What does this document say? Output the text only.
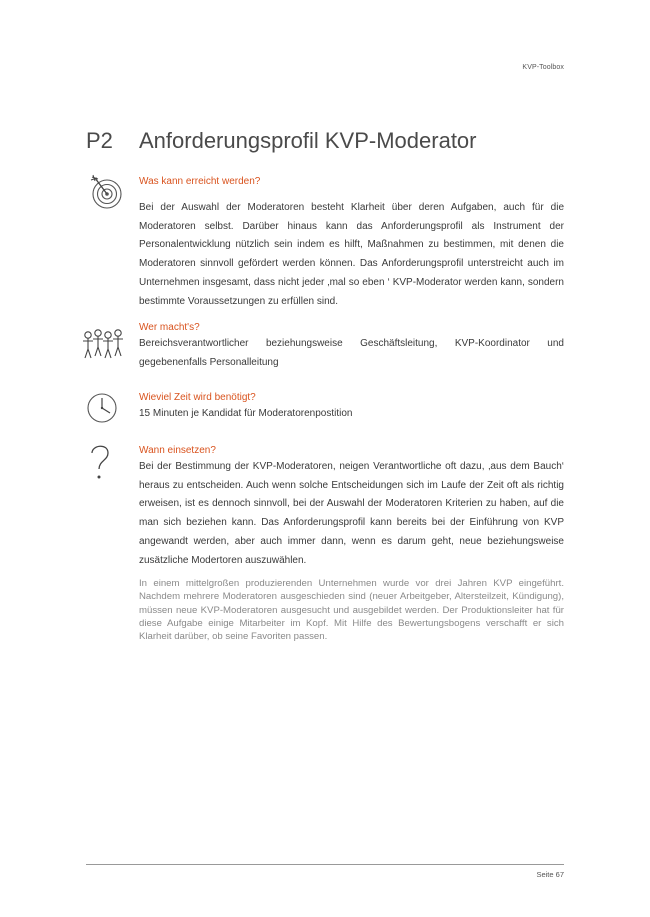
KVP-Toolbox
P2 Anforderungsprofil KVP-Moderator
Was kann erreicht werden?

Bei der Auswahl der Moderatoren besteht Klarheit über deren Aufgaben, auch für die Moderatoren selbst. Darüber hinaus kann das Anforderungsprofil als Instrument der Personalentwicklung nützlich sein indem es hilft, Maßnahmen zu bestimmen, mit denen die Moderatoren sinnvoll gefördert werden können. Das Anforderungsprofil unterstreicht auch im Unternehmen insgesamt, dass nicht jeder ‚mal so eben ‘ KVP-Moderator werden kann, sondern bestimmte Voraussetzungen zu erfüllen sind.

Wer macht's?

Bereichsverantwortlicher beziehungsweise Geschäftsleitung, KVP-Koordinator und gegebenenfalls Personalleitung

Wieviel Zeit wird benötigt?

15 Minuten je Kandidat für Moderatorenpostition

Wann einsetzen?

Bei der Bestimmung der KVP-Moderatoren, neigen Verantwortliche oft dazu, ‚aus dem Bauch‘ heraus zu entscheiden. Auch wenn solche Entscheidungen sich im Laufe der Zeit oft als richtig erweisen, ist es dennoch sinnvoll, bei der Auswahl der Moderatoren Kriterien zu haben, auf die man sich beziehen kann. Das Anforderungsprofil kann bereits bei der Einführung von KVP angewandt werden, aber auch immer dann, wenn es darum geht, neue beziehungsweise zusätzliche Modertoren auszuwählen.

In einem mittelgroßen produzierenden Unternehmen wurde vor drei Jahren KVP eingeführt. Nachdem mehrere Moderatoren ausgeschieden sind (neuer Arbeitgeber, Altersteilzeit, Kündigung), müssen neue KVP-Moderatoren ausgesucht und ausgebildet werden. Der Produktionsleiter hat für diese Aufgabe einige Mitarbeiter im Kopf. Mit Hilfe des Bewertungsbogens verschafft er sich Klarheit darüber, ob seine Favoriten passen.

Seite 67
